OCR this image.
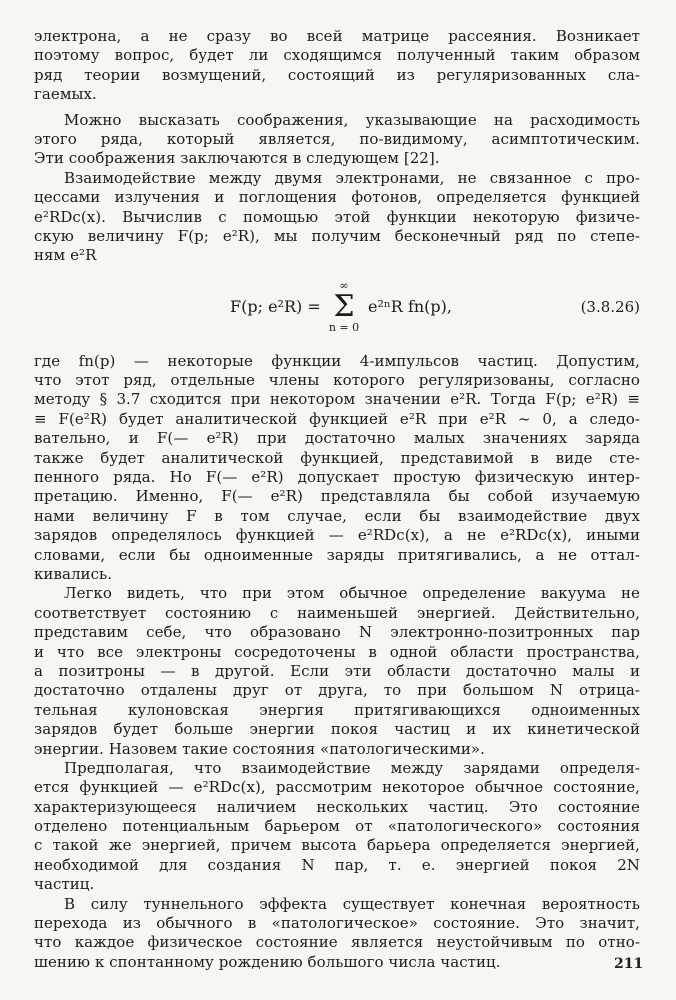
электрона, а не сразу во всей матрице рассеяния. Возникает
поэтому вопрос, будет ли сходящимся полученный таким образом
ряд теории возмущений, состоящий из регуляризованных сла-
гаемых.
Можно высказать соображения, указывающие на расходимость
этого ряда, который является, по-видимому, асимптотическим.
Эти соображения заключаются в следующем [22].
Взаимодействие между двумя электронами, не связанное с про-
цессами излучения и поглощения фотонов, определяется функцией
e²RDc(x). Вычислив с помощью этой функции некоторую физиче-
скую величину F(p; e²R), мы получим бесконечный ряд по степе-
ням e²R
F(p; e²R) =
∞
Σ
n = 0
e²ⁿR fn(p),	(3.8.26)
где fn(p) — некоторые функции 4-импульсов частиц. Допустим,
что этот ряд, отдельные члены которого регуляризованы, согласно
методу § 3.7 сходится при некотором значении e²R. Тогда F(p; e²R) ≡
≡ F(e²R) будет аналитической функцией e²R при e²R ~ 0, а следо-
вательно, и F(— e²R) при достаточно малых значениях заряда
также будет аналитической функцией, представимой в виде сте-
пенного ряда. Но F(— e²R) допускает простую физическую интер-
претацию. Именно, F(— e²R) представляла бы собой изучаемую
нами величину F в том случае, если бы взаимодействие двух
зарядов определялось функцией — e²RDc(x), а не e²RDc(x), иными
словами, если бы одноименные заряды притягивались, а не оттал-
кивались.
Легко видеть, что при этом обычное определение вакуума не
соответствует состоянию с наименьшей энергией. Действительно,
представим себе, что образовано N электронно-позитронных пар
и что все электроны сосредоточены в одной области пространства,
а позитроны — в другой. Если эти области достаточно малы и
достаточно отдалены друг от друга, то при большом N отрица-
тельная кулоновская энергия притягивающихся одноименных
зарядов будет больше энергии покоя частиц и их кинетической
энергии. Назовем такие состояния «патологическими».
Предполагая, что взаимодействие между зарядами определя-
ется функцией — e²RDc(x), рассмотрим некоторое обычное состояние,
характеризующееся наличием нескольких частиц. Это состояние
отделено потенциальным барьером от «патологического» состояния
с такой же энергией, причем высота барьера определяется энергией,
необходимой для создания N пар, т. е. энергией покоя 2N
частиц.
В силу туннельного эффекта существует конечная вероятность
перехода из обычного в «патологическое» состояние. Это значит,
что каждое физическое состояние является неустойчивым по отно-
шению к спонтанному рождению большого числа частиц.	211
